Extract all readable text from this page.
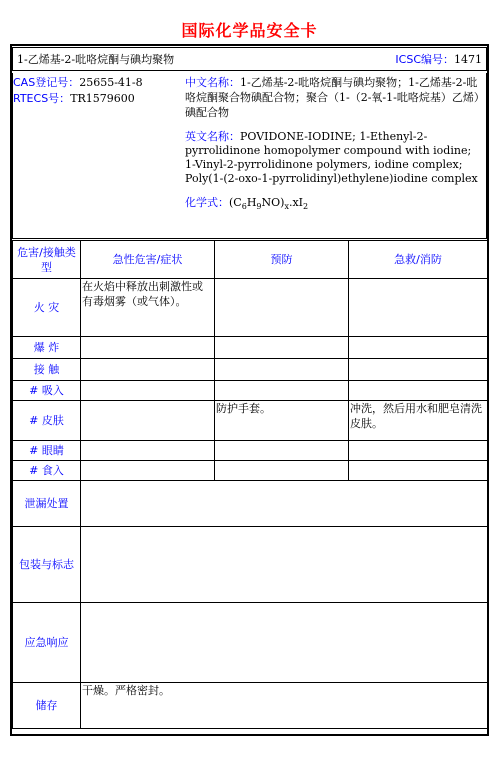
国际化学品安全卡
1-乙烯基-2-吡咯烷酮与碘均聚物	ICSC编号：1471
CAS登记号：25655-41-8
RTECS号：TR1579600
中文名称：1-乙烯基-2-吡咯烷酮与碘均聚物；1-乙烯基-2-吡咯烷酮聚合物碘配合物；聚合（1-（2-氧-1-吡咯烷基）乙烯）碘配合物
英文名称：POVIDONE-IODINE; 1-Ethenyl-2-pyrrolidinone homopolymer compound with iodine; 1-Vinyl-2-pyrrolidinone polymers, iodine complex; Poly(1-(2-oxo-1-pyrrolidinyl)ethylene)iodine complex
化学式：$(C_6H_9NO)_x.xI_2$
危害/接触类型	急性危害/症状	预防	急救/消防
火 灾	在火焰中释放出刺激性或有毒烟雾（或气体）。		
爆 炸			
接 触			
# 吸入			
# 皮肤		防护手套。	冲洗，然后用水和肥皂清洗皮肤。
# 眼睛			
# 食入			
泄漏处置			
包装与标志			
应急响应			
储存	干燥。严格密封。		
